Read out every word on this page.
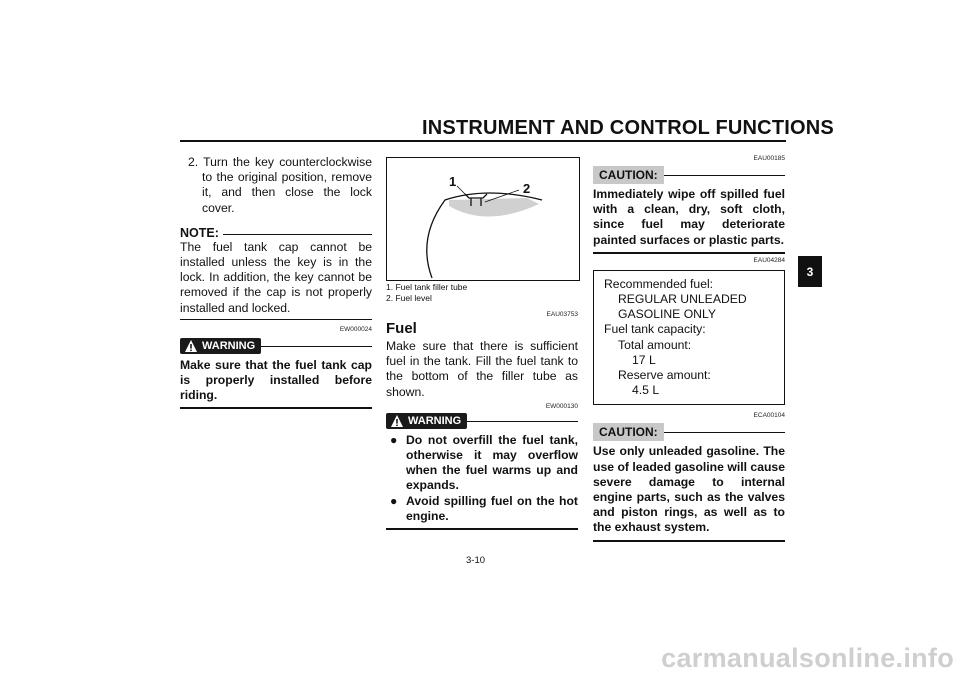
INSTRUMENT AND CONTROL FUNCTIONS
3

2. Turn the key counterclockwise to the original position, remove it, and then close the lock cover.

NOTE:

The fuel tank cap cannot be installed unless the key is in the lock. In addition, the key cannot be removed if the cap is not properly installed and locked.

EW000024
WARNING

Make sure that the fuel tank cap is properly installed before riding.

1	2
1. Fuel tank filler tube
2. Fuel level
EAU03753
Fuel

Make sure that there is sufficient fuel in the tank. Fill the fuel tank to the bottom of the filler tube as shown.

EW000130
WARNING
● Do not overfill the fuel tank, otherwise it may overflow when the fuel warms up and expands.
● Avoid spilling fuel on the hot engine.
EAU00185
CAUTION:

Immediately wipe off spilled fuel with a clean, dry, soft cloth, since fuel may deteriorate painted surfaces or plastic parts.

EAU04284
Recommended fuel:
REGULAR UNLEADED
GASOLINE ONLY
Fuel tank capacity:
Total amount:
17 L
Reserve amount:
4.5 L
ECA00104
CAUTION:

Use only unleaded gasoline. The use of leaded gasoline will cause severe damage to internal engine parts, such as the valves and piston rings, as well as to the exhaust system.

3-10
carmanualsonline.info
